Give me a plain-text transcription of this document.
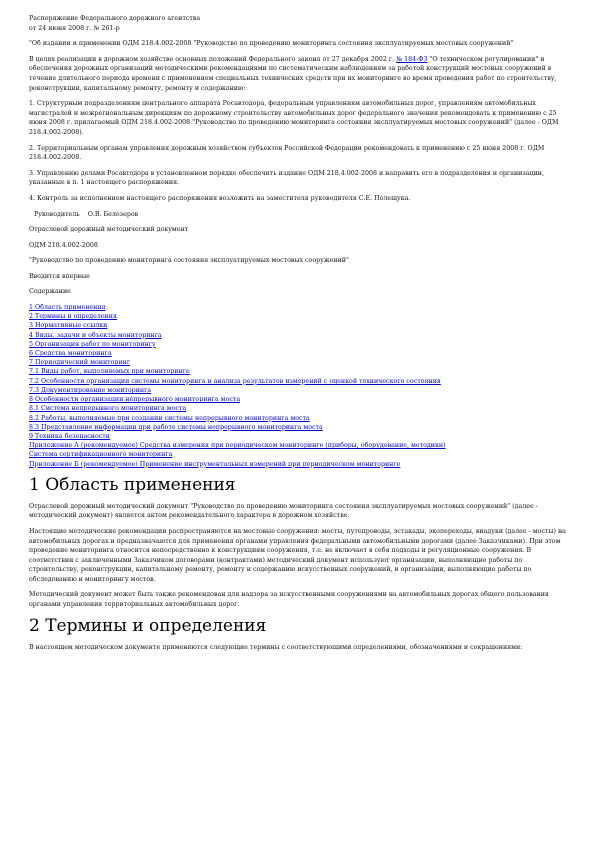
Распоряжение Федерального дорожного агентства

от 24 июня 2008 г. № 261-р

"Об издании и применении ОДМ 218.4.002-2008 "Руководство по проведению мониторинга состояния эксплуатируемых мостовых сооружений"

В целях реализации в дорожном хозяйстве основных положений Федерального закона от 27 декабря 2002 г. № 184-ФЗ "О техническом регулировании" и обеспечения дорожных организаций методическими рекомендациями по систематическим наблюдениям за работой конструкций мостовых сооружений в течение длительного периода времени с применением специальных технических средств при их мониторинге во время проведения работ по строительству, реконструкции, капитальному ремонту, ремонту и содержанию:

1. Структурным подразделениям центрального аппарата Росавтодора, федеральным управлениям автомобильных дорог, управлениям автомобильных магистралей и межрегиональным дирекциям по дорожному строительству автомобильных дорог федерального значения рекомендовать к применению с 25 июня 2008 г. прилагаемый ОДМ 218.4.002-2008 "Руководство по проведению мониторинга состояния эксплуатируемых мостовых сооружений" (далее - ОДМ 218.4.002-2008).

2. Территориальным органам управления дорожным хозяйством субъектов Российской Федерации рекомендовать к применению с 25 июня 2008 г. ОДМ 218.4.002-2008.

3. Управлению делами Росавтодора в установленном порядке обеспечить издание ОДМ 218.4.002-2008 и направить его в подразделения и организации, указанные в п. 1 настоящего распоряжения.

4. Контроль за исполнением настоящего распоряжения возложить на заместителя руководителя С.Е. Полещука.

Руководитель О.В. Белозеров

Отраслевой дорожный методический документ

ОДМ 218.4.002-2008

"Руководство по проведению мониторинга состояния эксплуатируемых мостовых сооружений"

Вводится впервые

Содержание

1 Область применения
2 Термины и определения
3 Нормативные ссылки
4 Виды, задачи и объекты мониторинга
5 Организация работ по мониторингу
6 Средства мониторинга
7 Периодический мониторинг
7.1 Виды работ, выполняемых при мониторинге
7.2 Особенности организации системы мониторинга и анализа результатов измерений с оценкой технического состояния
7.3 Документирование мониторинга
8 Особенности организации непрерывного мониторинга моста
8.1 Система непрерывного мониторинга моста
8.2 Работы, выполняемые при создании системы непрерывного мониторинга моста
8.3 Представление информации при работе системы непрерывного мониторинга моста
9 Техника безопасности
Приложение А (рекомендуемое) Средства измерения при периодическом мониторинге (приборы, оборудование, методики)
Система сертификационного мониторинга
Приложение Б (рекомендуемое) Применение инструментальных измерений при периодическом мониторинге
1 Область применения

Отраслевой дорожный методический документ "Руководство по проведению мониторинга состояния эксплуатируемых мостовых сооружений" (далее - методический документ) является актом рекомендательного характера в дорожном хозяйстве.

Настоящие методические рекомендации распространяются на мостовые сооружения: мосты, путепроводы, эстакады, экопереходы, виадуки (далее - мосты) на автомобильных дорогах и предназначаются для применения органами управления федеральными автомобильными дорогами (далее Заказчиками). При этом проведение мониторинга относится непосредственно к конструкциям сооружения, т.е. не включает в себя подходы и регуляционные сооружения. В соответствии с заключенными Заказчиком договорами (контрактами) методический документ используют организации, выполняющие работы по строительству, реконструкции, капитальному ремонту, ремонту и содержанию искусственных сооружений, и организации, выполняющие работы по обследованию и мониторингу мостов.

Методический документ может быть также рекомендован для надзора за искусственными сооружениями на автомобильных дорогах общего пользования органами управления территориальных автомобильных дорог.

2 Термины и определения

В настоящем методическом документе применяются следующие термины с соответствующими определениями, обозначениями и сокращениями:
